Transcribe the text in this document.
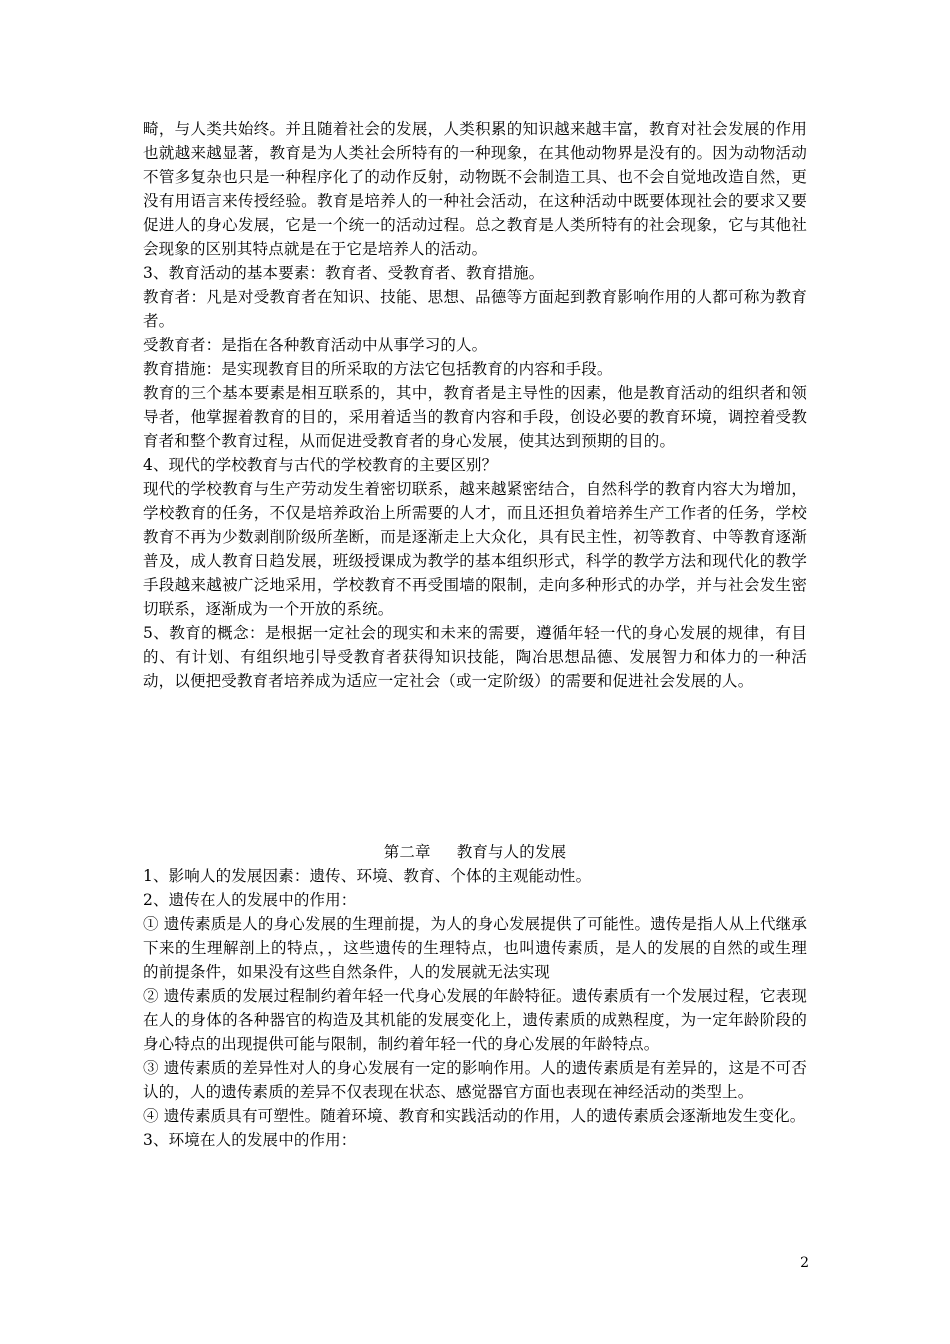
畸，与人类共始终。并且随着社会的发展，人类积累的知识越来越丰富，教育对社会发展的作用也就越来越显著，教育是为人类社会所特有的一种现象，在其他动物界是没有的。因为动物活动不管多复杂也只是一种程序化了的动作反射，动物既不会制造工具、也不会自觉地改造自然，更没有用语言来传授经验。教育是培养人的一种社会活动，在这种活动中既要体现社会的要求又要促进人的身心发展，它是一个统一的活动过程。总之教育是人类所特有的社会现象，它与其他社会现象的区别其特点就是在于它是培养人的活动。

3、教育活动的基本要素：教育者、受教育者、教育措施。

教育者：凡是对受教育者在知识、技能、思想、品德等方面起到教育影响作用的人都可称为教育者。

受教育者：是指在各种教育活动中从事学习的人。

教育措施：是实现教育目的所采取的方法它包括教育的内容和手段。

教育的三个基本要素是相互联系的，其中，教育者是主导性的因素，他是教育活动的组织者和领导者，他掌握着教育的目的，采用着适当的教育内容和手段，创设必要的教育环境，调控着受教育者和整个教育过程，从而促进受教育者的身心发展，使其达到预期的目的。

4、现代的学校教育与古代的学校教育的主要区别？

现代的学校教育与生产劳动发生着密切联系，越来越紧密结合，自然科学的教育内容大为增加，学校教育的任务，不仅是培养政治上所需要的人才，而且还担负着培养生产工作者的任务，学校教育不再为少数剥削阶级所垄断，而是逐渐走上大众化，具有民主性，初等教育、中等教育逐渐普及，成人教育日趋发展，班级授课成为教学的基本组织形式，科学的教学方法和现代化的教学手段越来越被广泛地采用，学校教育不再受围墙的限制，走向多种形式的办学，并与社会发生密切联系，逐渐成为一个开放的系统。

5、教育的概念：是根据一定社会的现实和未来的需要，遵循年轻一代的身心发展的规律，有目的、有计划、有组织地引导受教育者获得知识技能，陶冶思想品德、发展智力和体力的一种活动，以便把受教育者培养成为适应一定社会（或一定阶级）的需要和促进社会发展的人。

第二章 教育与人的发展

1、影响人的发展因素：遗传、环境、教育、个体的主观能动性。

2、遗传在人的发展中的作用：

① 遗传素质是人的身心发展的生理前提，为人的身心发展提供了可能性。遗传是指人从上代继承下来的生理解剖上的特点，，这些遗传的生理特点，也叫遗传素质，是人的发展的自然的或生理的前提条件，如果没有这些自然条件，人的发展就无法实现

② 遗传素质的发展过程制约着年轻一代身心发展的年龄特征。遗传素质有一个发展过程，它表现在人的身体的各种器官的构造及其机能的发展变化上，遗传素质的成熟程度，为一定年龄阶段的身心特点的出现提供可能与限制，制约着年轻一代的身心发展的年龄特点。

③ 遗传素质的差异性对人的身心发展有一定的影响作用。人的遗传素质是有差异的，这是不可否认的，人的遗传素质的差异不仅表现在状态、感觉器官方面也表现在神经活动的类型上。

④ 遗传素质具有可塑性。随着环境、教育和实践活动的作用，人的遗传素质会逐渐地发生变化。

3、环境在人的发展中的作用：

2
